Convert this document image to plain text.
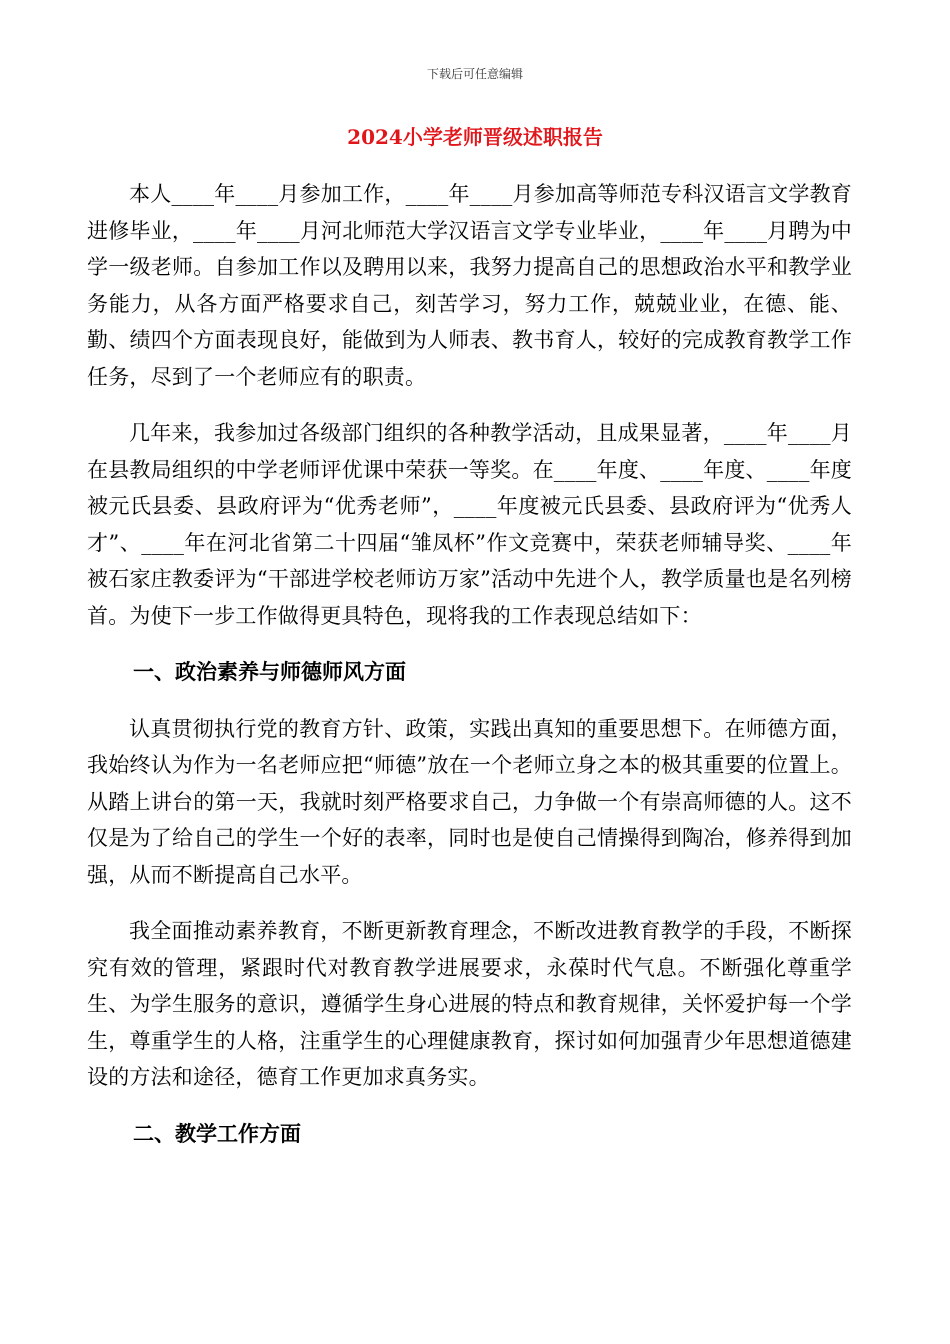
下载后可任意编辑
2024小学老师晋级述职报告

本人____年____月参加工作，____年____月参加高等师范专科汉语言文学教育进修毕业，____年____月河北师范大学汉语言文学专业毕业，____年____月聘为中学一级老师。自参加工作以及聘用以来，我努力提高自己的思想政治水平和教学业务能力，从各方面严格要求自己，刻苦学习，努力工作，兢兢业业，在德、能、勤、绩四个方面表现良好，能做到为人师表、教书育人，较好的完成教育教学工作任务，尽到了一个老师应有的职责。

几年来，我参加过各级部门组织的各种教学活动，且成果显著，____年____月在县教局组织的中学老师评优课中荣获一等奖。在____年度、____年度、____年度被元氏县委、县政府评为“优秀老师”，____年度被元氏县委、县政府评为“优秀人才”、____年在河北省第二十四届“雏凤杯”作文竞赛中，荣获老师辅导奖、____年被石家庄教委评为“干部进学校老师访万家”活动中先进个人，教学质量也是名列榜首。为使下一步工作做得更具特色，现将我的工作表现总结如下：

一、政治素养与师德师风方面

认真贯彻执行党的教育方针、政策，实践出真知的重要思想下。在师德方面，我始终认为作为一名老师应把“师德”放在一个老师立身之本的极其重要的位置上。从踏上讲台的第一天，我就时刻严格要求自己，力争做一个有崇高师德的人。这不仅是为了给自己的学生一个好的表率，同时也是使自己情操得到陶冶，修养得到加强，从而不断提高自己水平。

我全面推动素养教育，不断更新教育理念，不断改进教育教学的手段，不断探究有效的管理，紧跟时代对教育教学进展要求，永葆时代气息。不断强化尊重学生、为学生服务的意识，遵循学生身心进展的特点和教育规律，关怀爱护每一个学生，尊重学生的人格，注重学生的心理健康教育，探讨如何加强青少年思想道德建设的方法和途径，德育工作更加求真务实。

二、教学工作方面
